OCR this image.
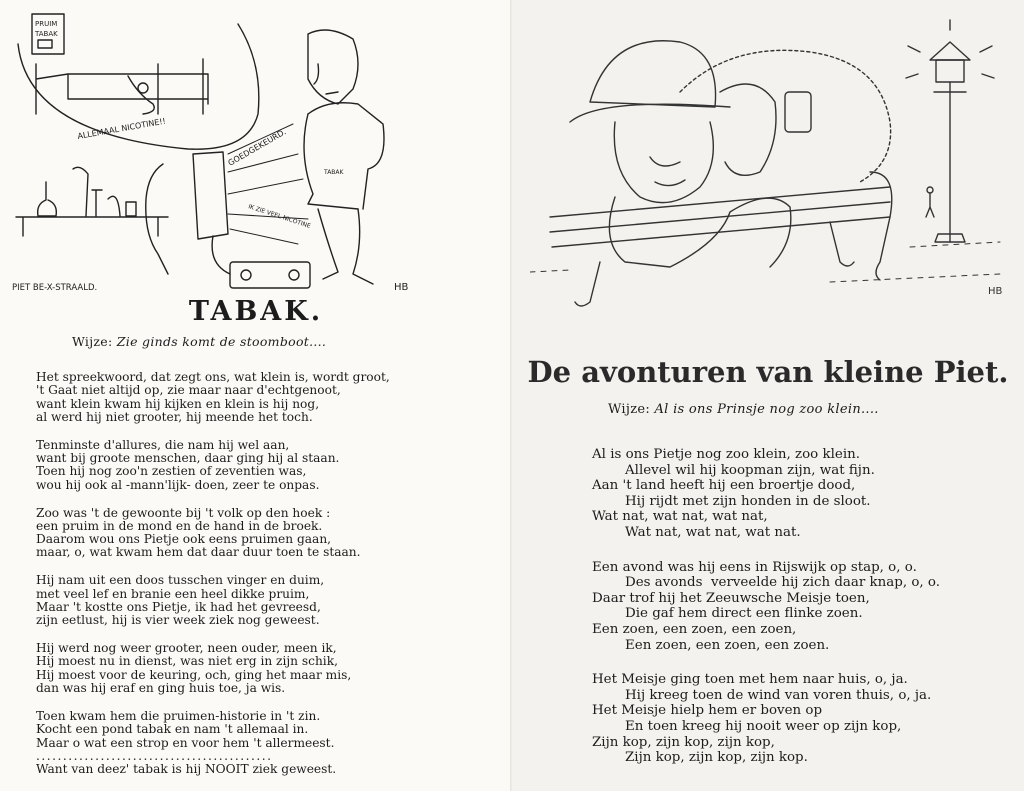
PRUIM
TABAK
ALLEMAAL NICOTINE!!	GOEDGEKEURD.
IK ZIE VEEL NICOTINE
TABAK
PIET BE-X-STRAALD.	HB
TABAK.

Wijze: Zie ginds komt de stoomboot....

Het spreekwoord, dat zegt ons, wat klein is, wordt groot,
't Gaat niet altijd op, zie maar naar d'echtgenoot,
want klein kwam hij kijken en klein is hij nog,
al werd hij niet grooter, hij meende het toch.
Tenminste d'allures, die nam hij wel aan,
want bij groote menschen, daar ging hij al staan.
Toen hij nog zoo'n zestien of zeventien was,
wou hij ook al -mann'lijk- doen, zeer te onpas.
Zoo was 't de gewoonte bij 't volk op den hoek :
een pruim in de mond en de hand in de broek.
Daarom wou ons Pietje ook eens pruimen gaan,
maar, o, wat kwam hem dat daar duur toen te staan.
Hij nam uit een doos tusschen vinger en duim,
met veel lef en branie een heel dikke pruim,
Maar 't kostte ons Pietje, ik had het gevreesd,
zijn eetlust, hij is vier week ziek nog geweest.
Hij werd nog weer grooter, neen ouder, meen ik,
Hij moest nu in dienst, was niet erg in zijn schik,
Hij moest voor de keuring, och, ging het maar mis,
dan was hij eraf en ging huis toe, ja wis.
Toen kwam hem die pruimen-historie in 't zin.
Kocht een pond tabak en nam 't allemaal in.
Maar o wat een strop en voor hem 't allermeest.
............................................
Want van deez' tabak is hij NOOIT ziek geweest.
HB
De avonturen van kleine Piet.

Wijze: Al is ons Prinsje nog zoo klein....

Al is ons Pietje nog zoo klein, zoo klein.
Allevel wil hij koopman zijn, wat fijn.
Aan 't land heeft hij een broertje dood,
Hij rijdt met zijn honden in de sloot.
Wat nat, wat nat, wat nat,
Wat nat, wat nat, wat nat.
Een avond was hij eens in Rijswijk op stap, o, o.
Des avonds  verveelde hij zich daar knap, o, o.
Daar trof hij het Zeeuwsche Meisje toen,
Die gaf hem direct een flinke zoen.
Een zoen, een zoen, een zoen,
Een zoen, een zoen, een zoen.
Het Meisje ging toen met hem naar huis, o, ja.
Hij kreeg toen de wind van voren thuis, o, ja.
Het Meisje hielp hem er boven op
En toen kreeg hij nooit weer op zijn kop,
Zijn kop, zijn kop, zijn kop,
Zijn kop, zijn kop, zijn kop.
